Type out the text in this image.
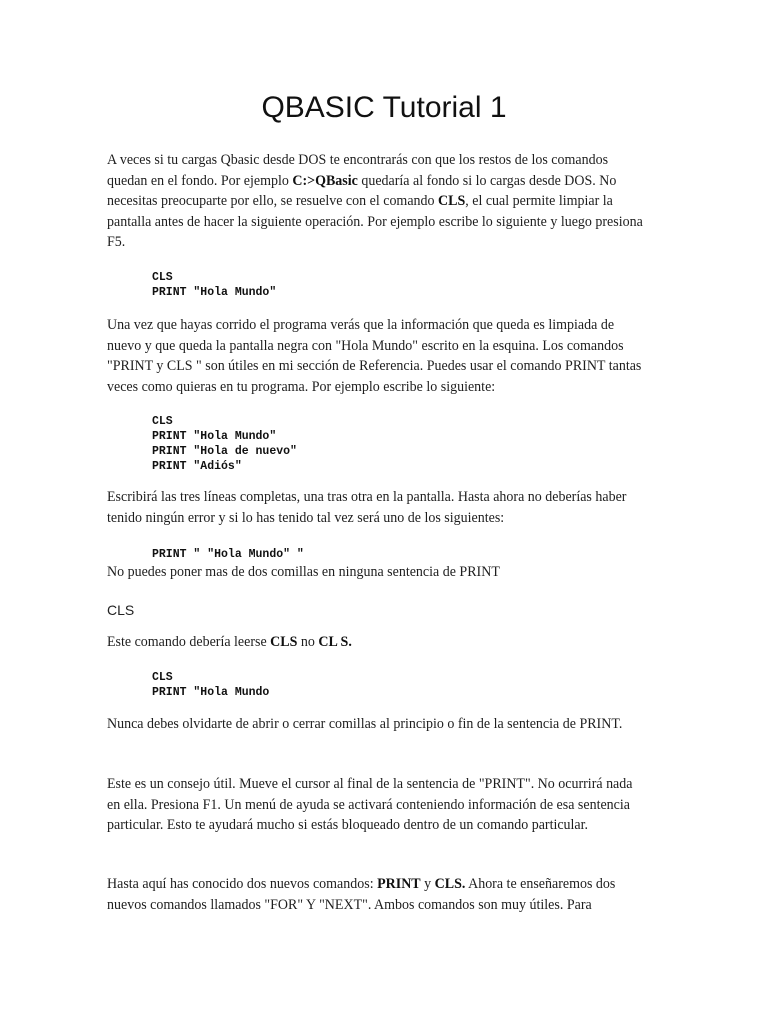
QBASIC Tutorial 1

A veces si tu cargas Qbasic desde DOS te encontrarás con que los restos de los comandos quedan en el fondo. Por ejemplo C:>QBasic quedaría al fondo si lo cargas desde DOS. No necesitas preocuparte por ello, se resuelve con el comando CLS, el cual permite limpiar la pantalla antes de hacer la siguiente operación. Por ejemplo escribe lo siguiente y luego presiona F5.

CLS
PRINT "Hola Mundo"

Una vez que hayas corrido el programa verás que la información que queda es limpiada de nuevo y que queda la pantalla negra con "Hola Mundo" escrito en la esquina. Los comandos "PRINT y CLS " son útiles en mi sección de Referencia. Puedes usar el comando PRINT tantas veces como quieras en tu programa. Por ejemplo escribe lo siguiente:

CLS
PRINT "Hola Mundo"
PRINT "Hola de nuevo"
PRINT "Adiós"

Escribirá las tres líneas completas, una tras otra en la pantalla. Hasta ahora no deberías haber tenido ningún error y si lo has tenido tal vez será uno de los siguientes:

PRINT " "Hola Mundo" "

No puedes poner mas de dos comillas en ninguna sentencia de PRINT

CLS

Este comando debería leerse CLS no CL S.

CLS
PRINT "Hola Mundo

Nunca debes olvidarte de abrir o cerrar comillas al principio o fin de la sentencia de PRINT.

Este es un consejo útil. Mueve el cursor al final de la sentencia de "PRINT". No ocurrirá nada en ella. Presiona F1. Un menú de ayuda se activará conteniendo información de esa sentencia particular. Esto te ayudará mucho si estás bloqueado dentro de un comando particular.

Hasta aquí has conocido dos nuevos comandos: PRINT y CLS. Ahora te enseñaremos dos nuevos comandos llamados "FOR" Y "NEXT". Ambos comandos son muy útiles. Para
